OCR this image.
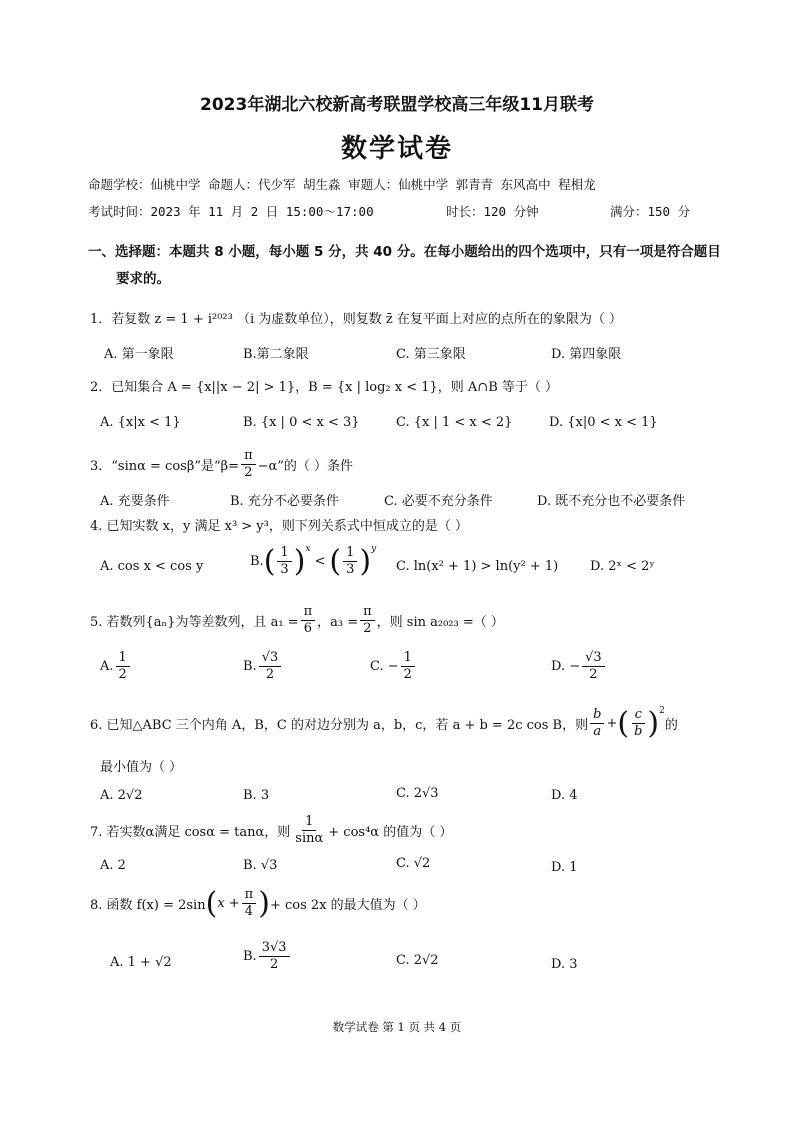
2023年湖北六校新高考联盟学校高三年级11月联考
数学试卷
命题学校：仙桃中学 命题人：代少军 胡生淼 审题人：仙桃中学 郭青青 东风高中 程相龙
考试时间：2023 年 11 月 2 日 15:00～17:00	时长：120 分钟	满分：150 分
一、选择题：本题共 8 小题，每小题 5 分，共 40 分。在每小题给出的四个选项中，只有一项是符合题目
要求的。
1．若复数 z = 1 + i²⁰²³ （i 为虚数单位），则复数 z̄ 在复平面上对应的点所在的象限为（ ）
A. 第一象限	B.第二象限	C. 第三象限	D. 第四象限
2．已知集合 A = {x||x − 2| > 1}，B = {x | log₂ x < 1}，则 A∩B 等于（ ）
A. {x|x < 1}	B. {x | 0 < x < 3}	C. {x | 1 < x < 2}	D. {x|0 < x < 1}
3．“sinα = cosβ”是“$\beta= \frac{\pi}{2} -\alpha$”的（ ）条件
A. 充要条件	B. 充分不必要条件	C. 必要不充分条件	D. 既不充分也不必要条件
4. 已知实数 x，y 满足 x³ > y³，则下列关系式中恒成立的是（ ）
A. cos x < cos y	B. ( $\frac{1}{3}$ ) x
< ( $\frac{1}{3}$ ) y
C. ln(x² + 1) > ln(y² + 1) D. 2ˣ < 2ʸ
5. 若数列{aₙ}为等差数列，且 $a_1 = \frac{\pi}{6}$ ，$a_3 = \frac{\pi}{2}$ ，则 sin a₂₀₂₃ =（ ）
A. $\frac{1}{2}$	B. $\frac{√3}{2}$	C. − $\frac{1}{2}$	D. − $\frac{√3}{2}$
6. 已知△ABC 三个内角 A，B，C 的对边分别为 a，b，c，若 a + b = 2c cos B，则 $\frac{b}{a}$ + ( $\frac{c}{b}$ ) 2
的
最小值为（ ）
A. 2√2	B. 3	C. 2√3	D. 4
7. 若实数α满足 cosα = tanα，则 $\frac{1}{\sin\alpha} + \cos^4\alpha$ 的值为（ ）
A. 2	B. √3	C. √2	D. 1
8. 函数 f(x) = 2sin ( $x + \frac{\pi}{4}$ ) + cos 2x 的最大值为（ ）
A. 1 + √2	B. $\frac{3√3}{2}$	C. 2√2	D. 3
数学试卷 第 1 页 共 4 页
